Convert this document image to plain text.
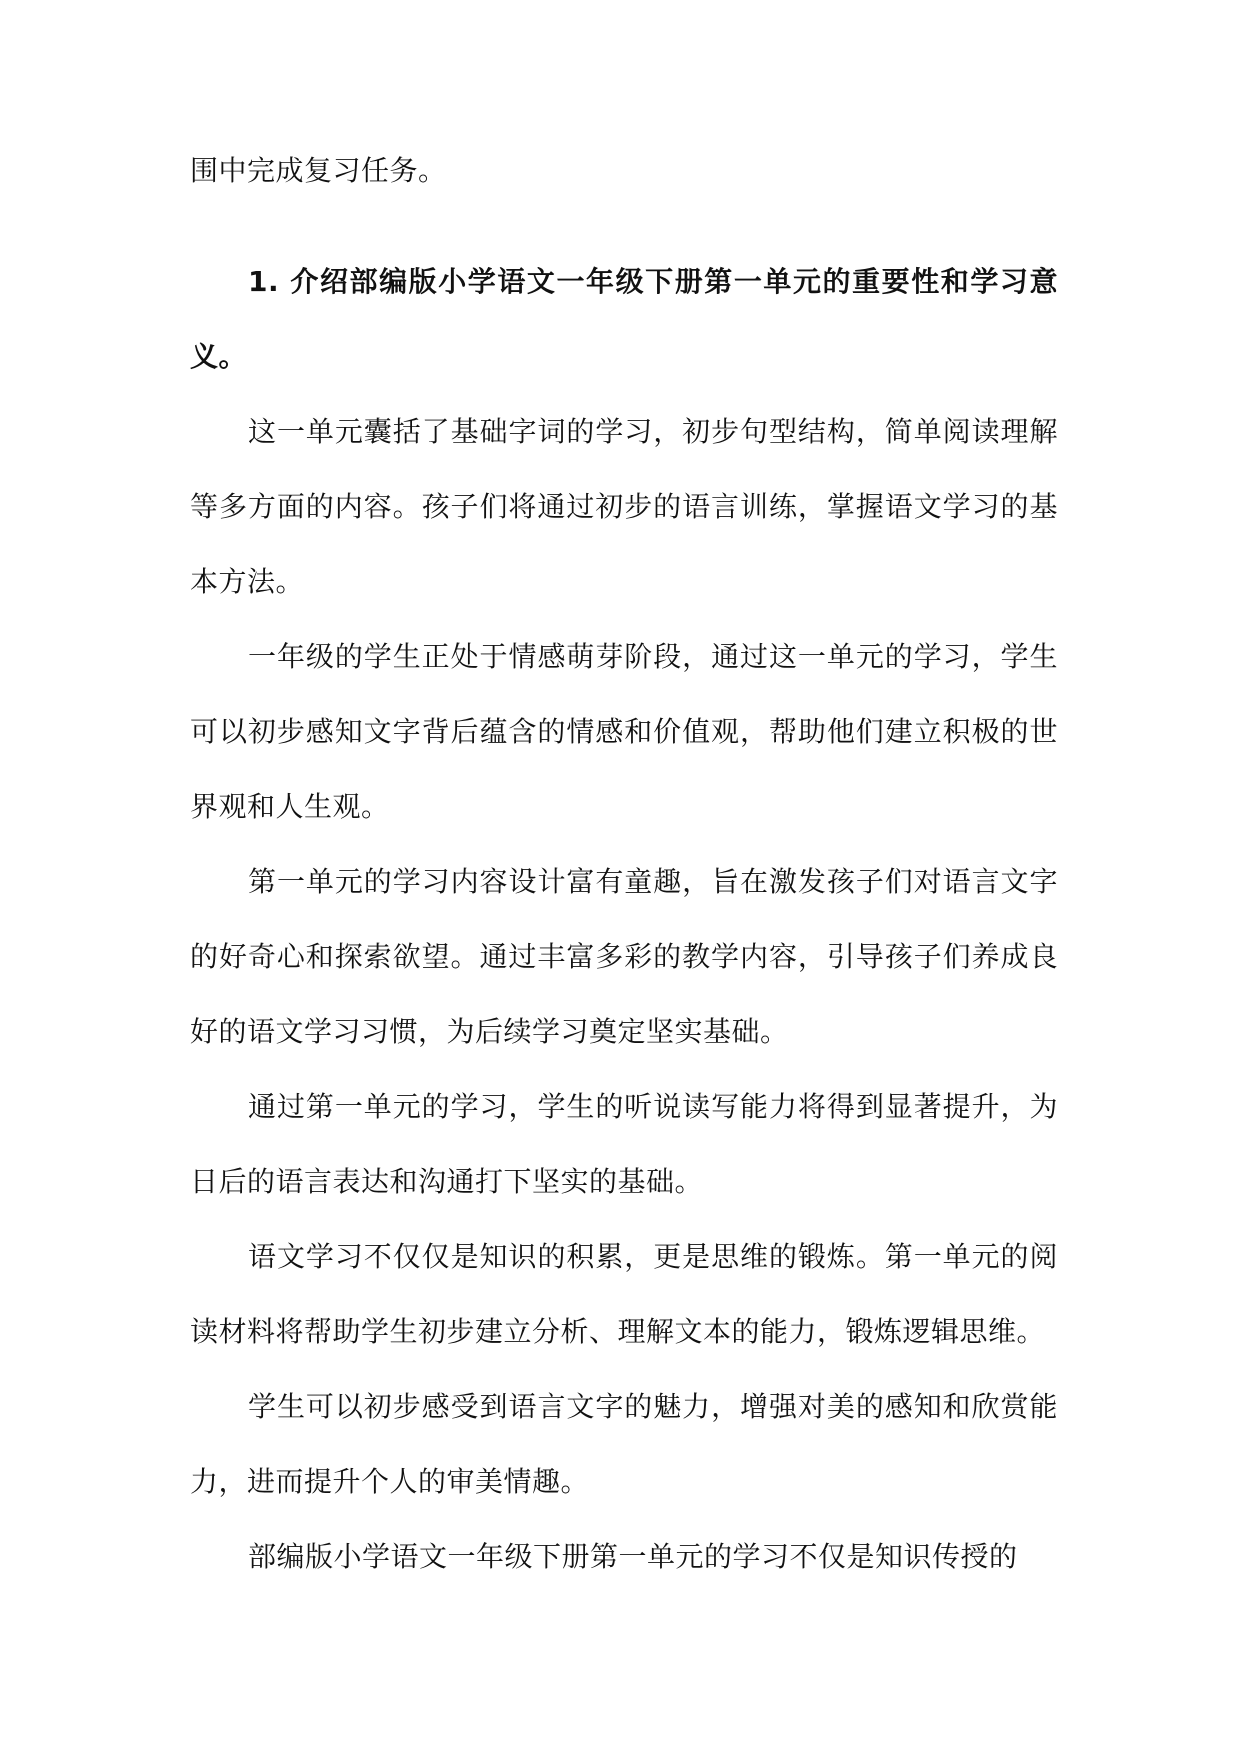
围中完成复习任务。

1. 介绍部编版小学语文一年级下册第一单元的重要性和学习意义。

这一单元囊括了基础字词的学习，初步句型结构，简单阅读理解等多方面的内容。孩子们将通过初步的语言训练，掌握语文学习的基本方法。

一年级的学生正处于情感萌芽阶段，通过这一单元的学习，学生可以初步感知文字背后蕴含的情感和价值观，帮助他们建立积极的世界观和人生观。

第一单元的学习内容设计富有童趣，旨在激发孩子们对语言文字的好奇心和探索欲望。通过丰富多彩的教学内容，引导孩子们养成良好的语文学习习惯，为后续学习奠定坚实基础。

通过第一单元的学习，学生的听说读写能力将得到显著提升，为日后的语言表达和沟通打下坚实的基础。

语文学习不仅仅是知识的积累，更是思维的锻炼。第一单元的阅读材料将帮助学生初步建立分析、理解文本的能力，锻炼逻辑思维。

学生可以初步感受到语言文字的魅力，增强对美的感知和欣赏能力，进而提升个人的审美情趣。

部编版小学语文一年级下册第一单元的学习不仅是知识传授的
